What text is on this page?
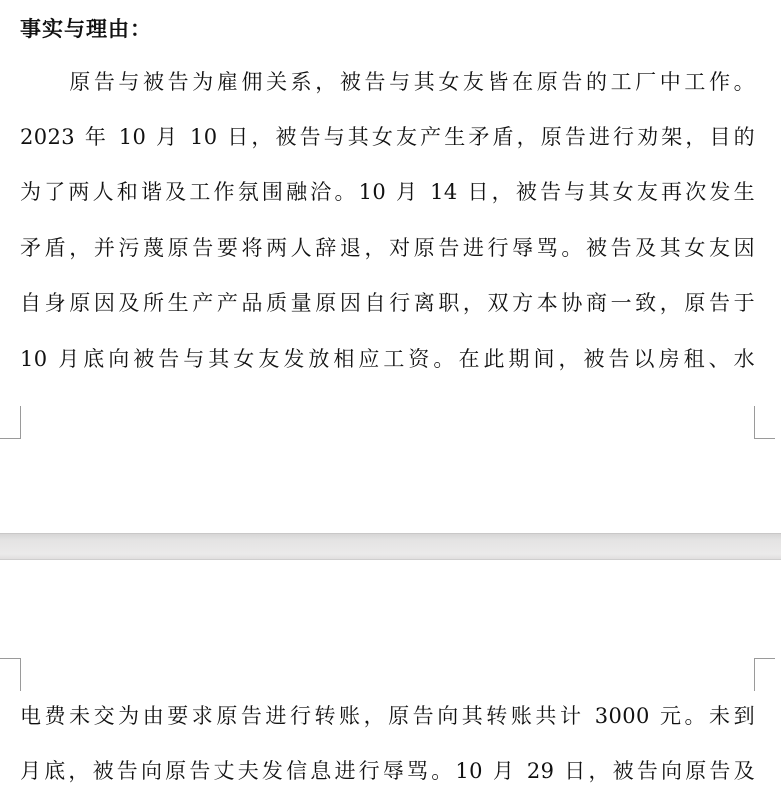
事实与理由：
　　原告与被告为雇佣关系，被告与其女友皆在原告的工厂中工作。
2023 年 10 月 10 日，被告与其女友产生矛盾，原告进行劝架，目的
为了两人和谐及工作氛围融洽。10 月 14 日，被告与其女友再次发生
矛盾，并污蔑原告要将两人辞退，对原告进行辱骂。被告及其女友因
自身原因及所生产产品质量原因自行离职，双方本协商一致，原告于
10 月底向被告与其女友发放相应工资。在此期间，被告以房租、水
电费未交为由要求原告进行转账，原告向其转账共计 3000 元。未到
月底，被告向原告丈夫发信息进行辱骂。10 月 29 日，被告向原告及
